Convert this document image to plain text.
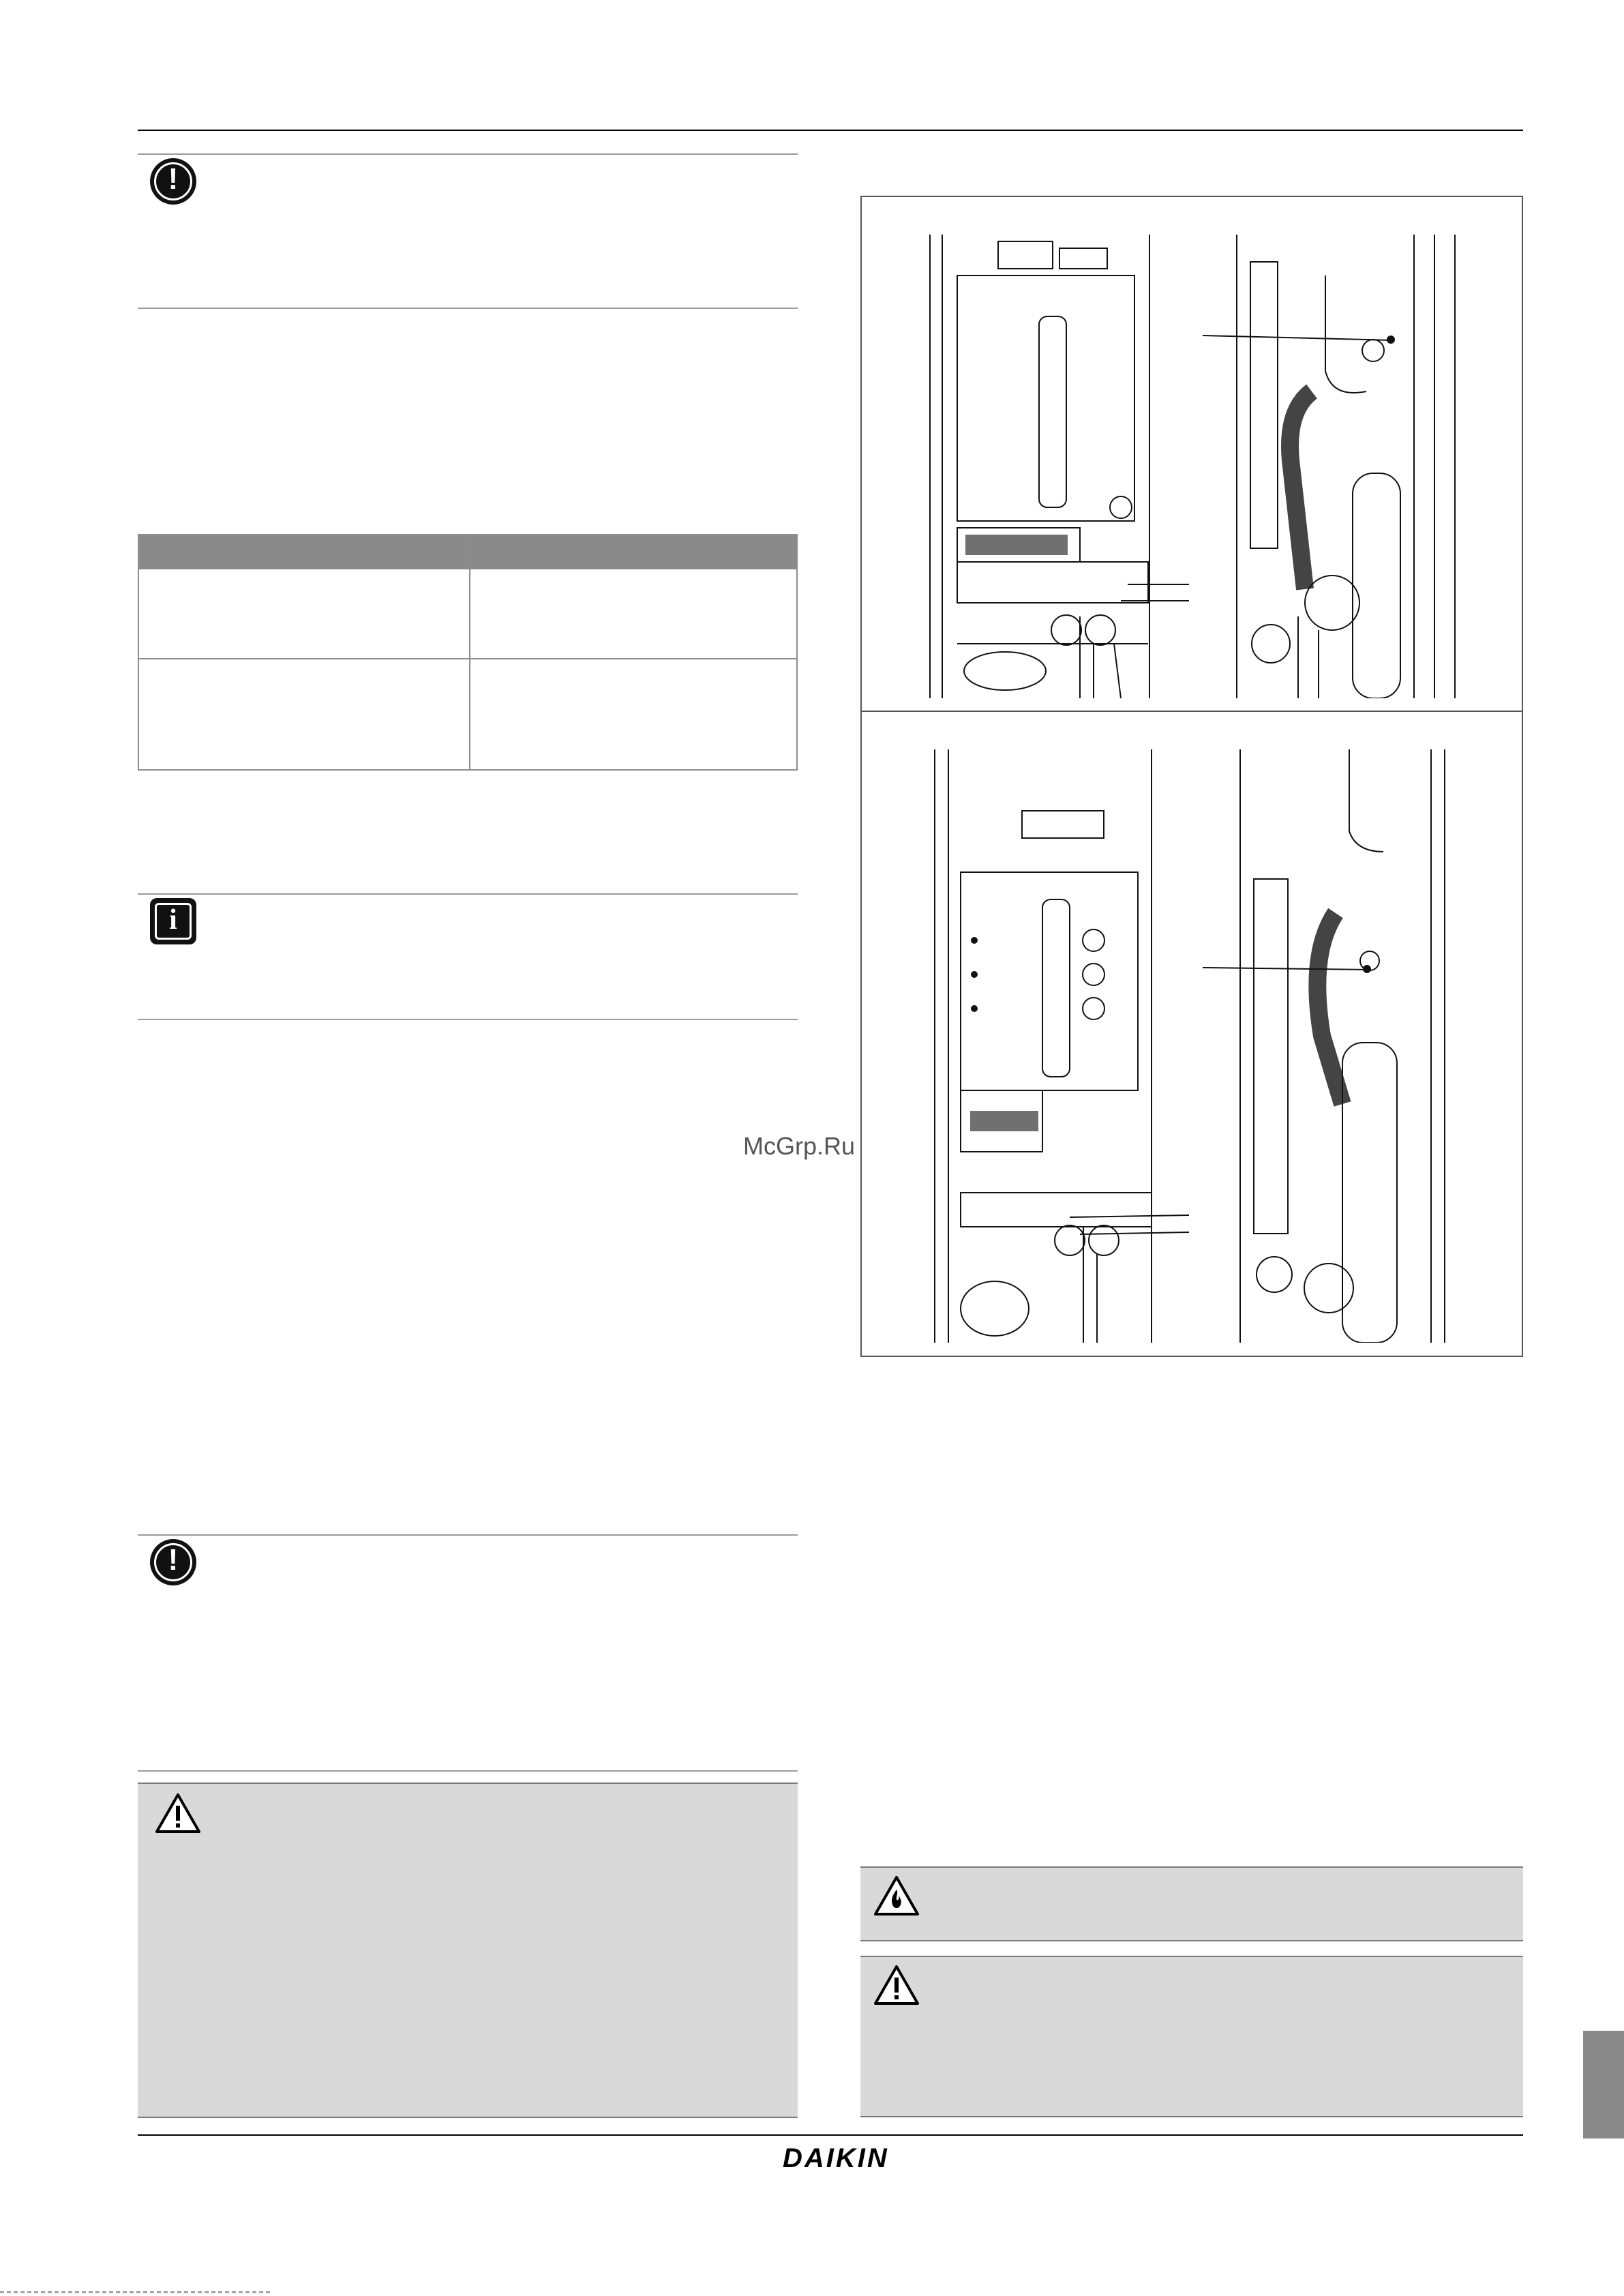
!
i
!
McGrp.Ru
DAIKIN
